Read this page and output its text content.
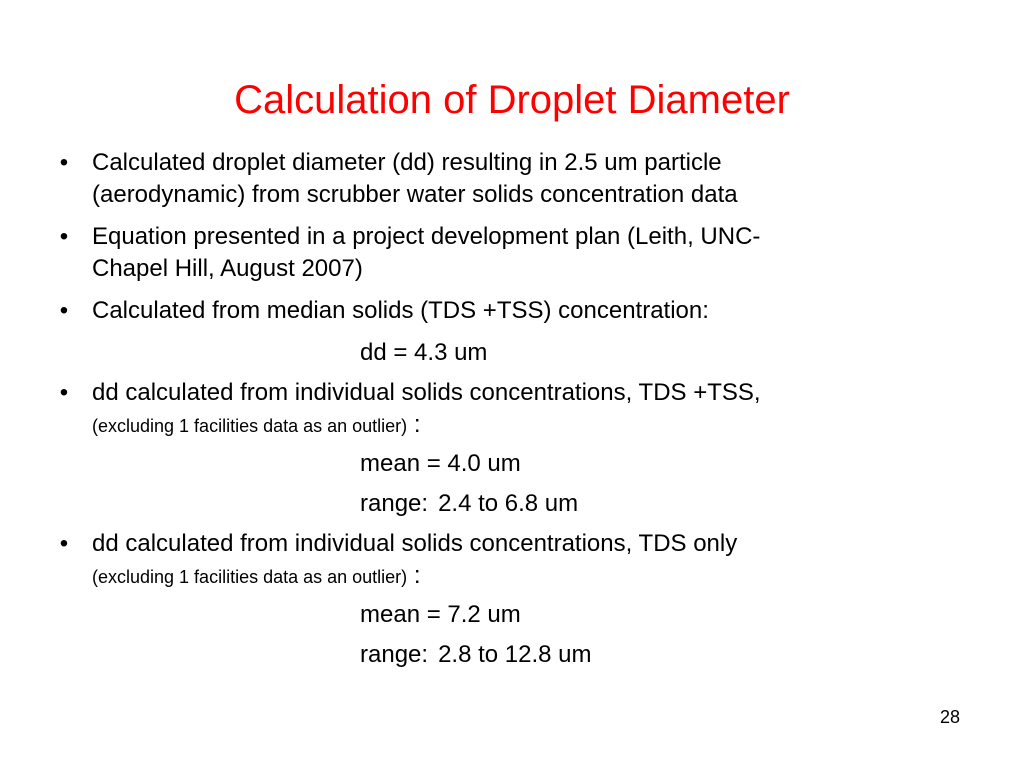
Calculation of Droplet Diameter
• Calculated droplet diameter (dd) resulting in 2.5 um particle
(aerodynamic) from scrubber water solids concentration data
• Equation presented in a project development plan (Leith, UNC-
Chapel Hill, August 2007)
• Calculated from median solids (TDS +TSS) concentration:
dd = 4.3 um
• dd calculated from individual solids concentrations, TDS +TSS,
(excluding 1 facilities data as an outlier) :
mean = 4.0 um
range: 2.4 to 6.8 um
• dd calculated from individual solids concentrations, TDS only
(excluding 1 facilities data as an outlier) :
mean = 7.2 um
range: 2.8 to 12.8 um
28
